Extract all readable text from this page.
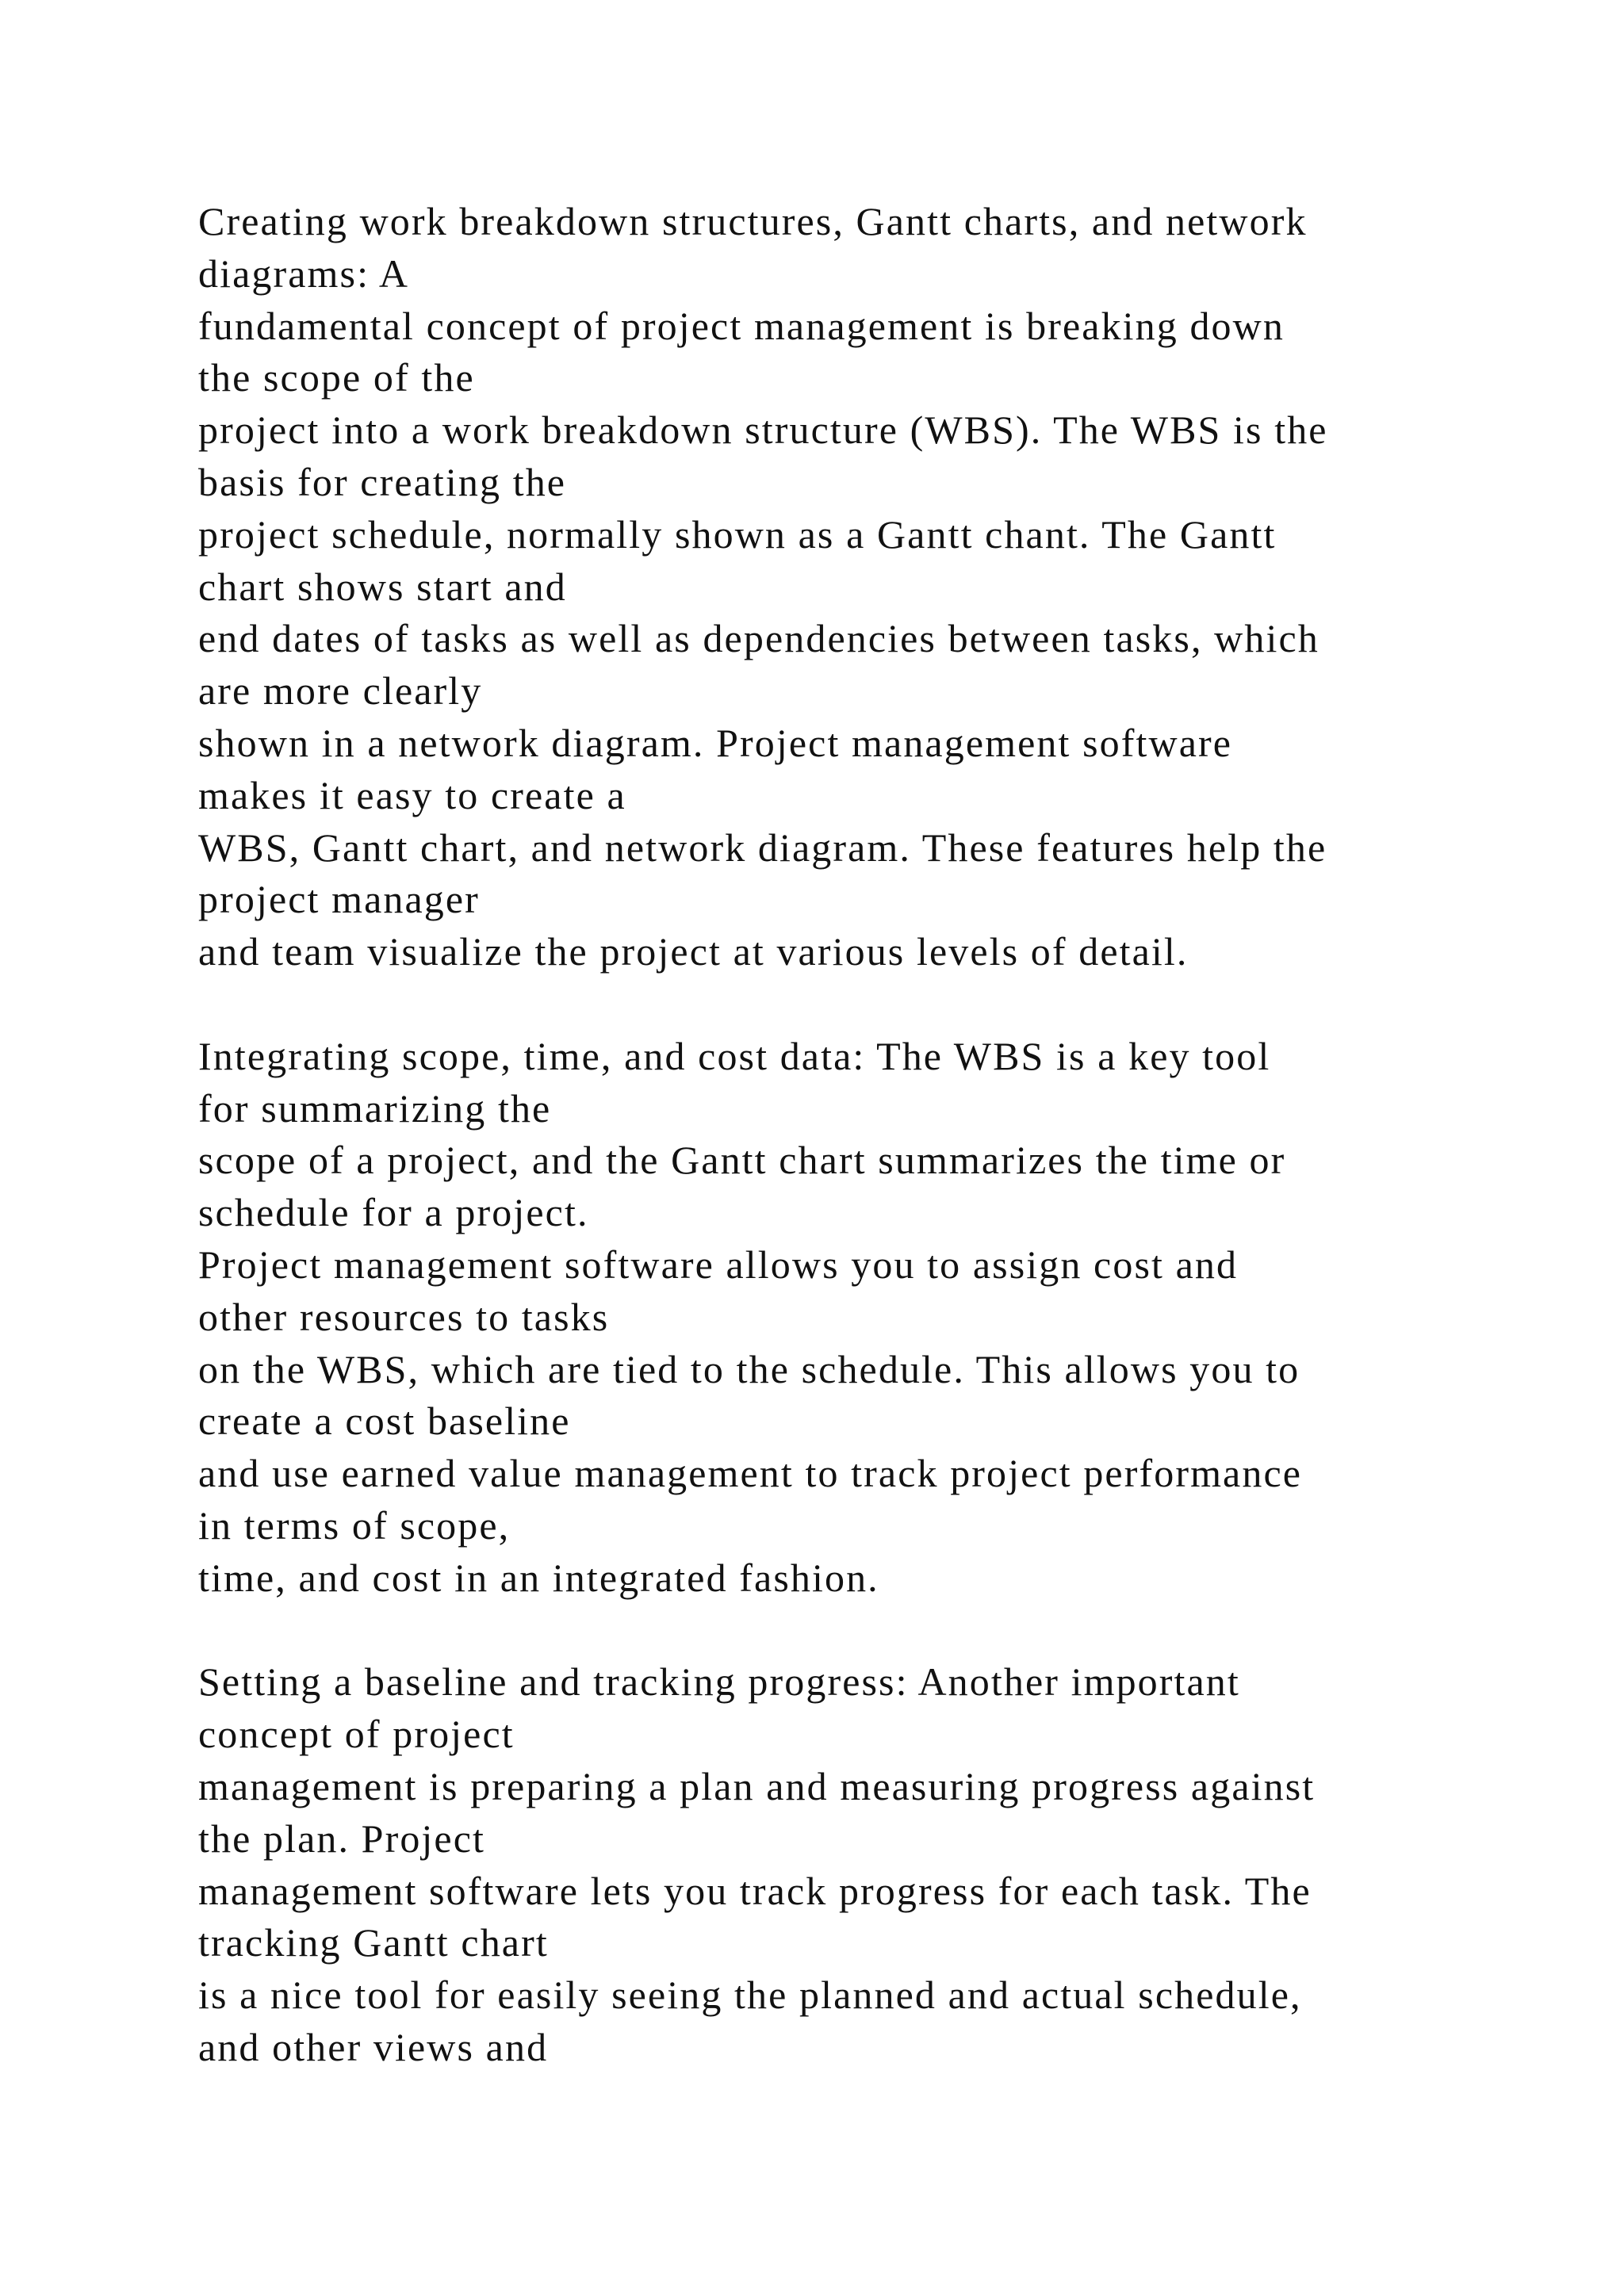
Creating work breakdown structures, Gantt charts, and network
diagrams: A
fundamental concept of project management is breaking down
the scope of the
project into a work breakdown structure (WBS). The WBS is the
basis for creating the
project schedule, normally shown as a Gantt chant. The Gantt
chart shows start and
end dates of tasks as well as dependencies between tasks, which
are more clearly
shown in a network diagram. Project management software
makes it easy to create a
WBS, Gantt chart, and network diagram. These features help the
project manager
and team visualize the project at various levels of detail.
Integrating scope, time, and cost data: The WBS is a key tool
for summarizing the
scope of a project, and the Gantt chart summarizes the time or
schedule for a project.
Project management software allows you to assign cost and
other resources to tasks
on the WBS, which are tied to the schedule. This allows you to
create a cost baseline
and use earned value management to track project performance
in terms of scope,
time, and cost in an integrated fashion.
Setting a baseline and tracking progress: Another important
concept of project
management is preparing a plan and measuring progress against
the plan. Project
management software lets you track progress for each task. The
tracking Gantt chart
is a nice tool for easily seeing the planned and actual schedule,
and other views and
